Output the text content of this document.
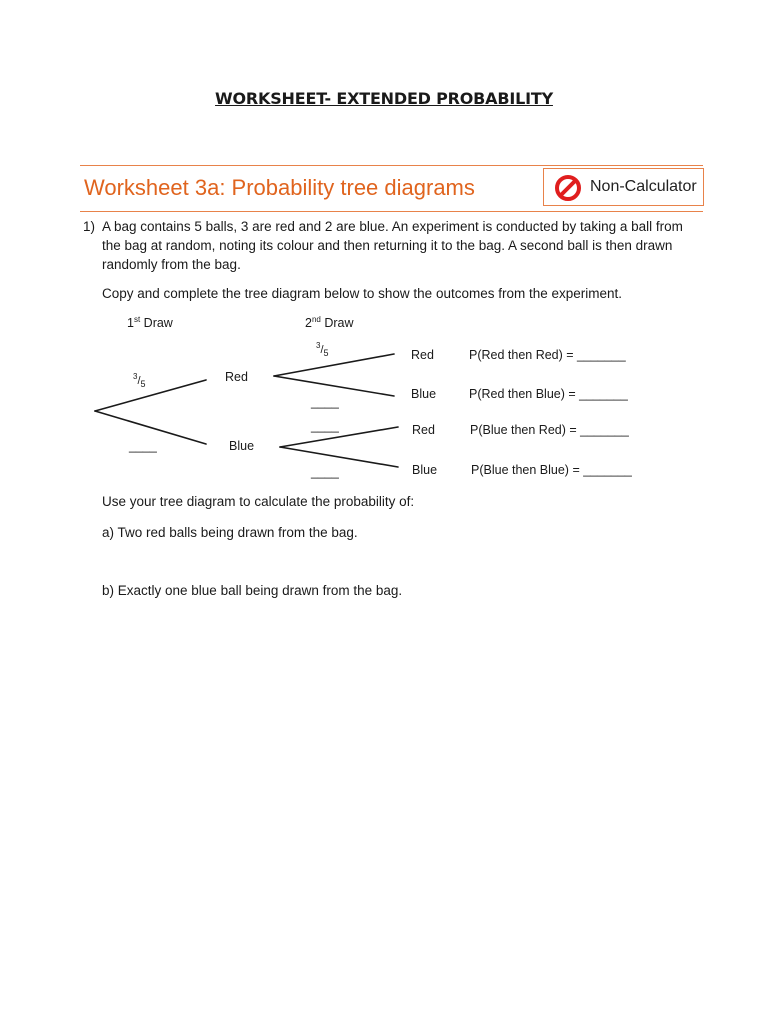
WORKSHEET- EXTENDED PROBABILITY
Worksheet 3a: Probability tree diagrams	Non-Calculator
1) A bag contains 5 balls, 3 are red and 2 are blue. An experiment is conducted by taking a ball from
the bag at random, noting its colour and then returning it to the bag. A second ball is then drawn
randomly from the bag.
Copy and complete the tree diagram below to show the outcomes from the experiment.
1st Draw	2nd Draw
$^3/_5$
$^3/_5$
Red
Blue
____
____
____
____
Red
Blue
Red
Blue
P(Red then Red) = _______
P(Red then Blue) = _______
P(Blue then Red) = _______
P(Blue then Blue) = _______
Use your tree diagram to calculate the probability of:
a) Two red balls being drawn from the bag.
b) Exactly one blue ball being drawn from the bag.
